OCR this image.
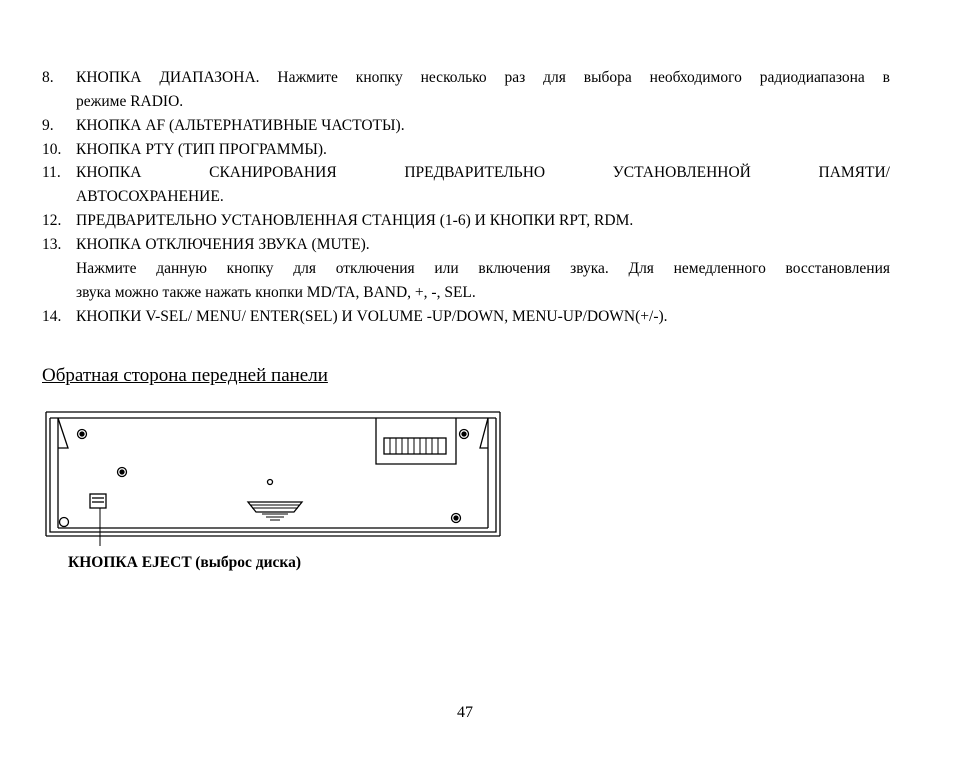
8.	КНОПКА ДИАПАЗОНА. Нажмите кнопку несколько раз для выбора необходимого радиодиапазона в
режиме RADIO.
9.	КНОПКА AF (АЛЬТЕРНАТИВНЫЕ ЧАСТОТЫ).
10. КНОПКА PTY (ТИП ПРОГРАММЫ).
11. КНОПКА СКАНИРОВАНИЯ ПРЕДВАРИТЕЛЬНО УСТАНОВЛЕННОЙ ПАМЯТИ/
АВТОСОХРАНЕНИЕ.
12. ПРЕДВАРИТЕЛЬНО УСТАНОВЛЕННАЯ СТАНЦИЯ (1-6) И КНОПКИ RPT, RDM.
13. КНОПКА ОТКЛЮЧЕНИЯ ЗВУКА (MUTE).
Нажмите данную кнопку для отключения или включения звука. Для немедленного восстановления
звука можно также нажать кнопки MD/TA, BAND, +, -, SEL.
14. КНОПКИ V-SEL/ MENU/ ENTER(SEL) И VOLUME -UP/DOWN, MENU-UP/DOWN(+/-).
Обратная сторона передней панели
КНОПКА EJECT (выброс диска)
47
